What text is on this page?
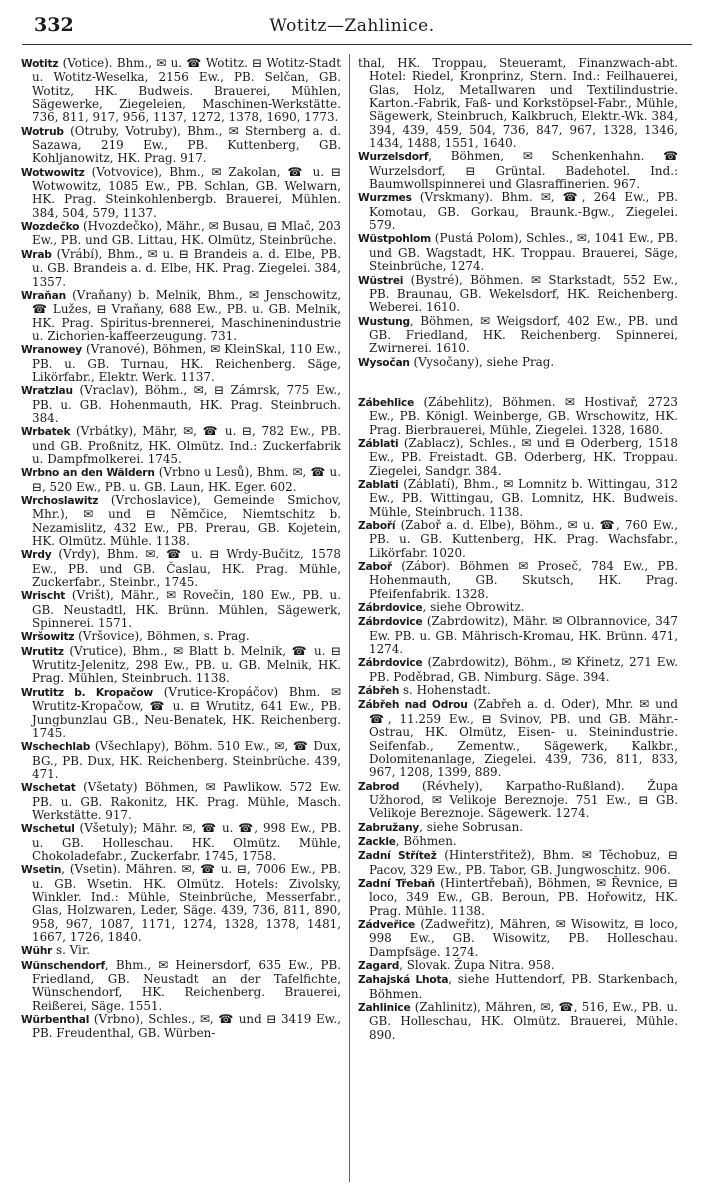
332	Wotitz—Zahlinice.

Wotitz (Votice). Bhm., ✉ u. ☎ Wotitz. ⊟ Wotitz-Stadt u. Wotitz-Weselka, 2156 Ew., PB. Selčan, GB. Wotitz, HK. Budweis. Brauerei, Mühlen, Sägewerke, Ziegeleien, Maschinen-Werkstätte. 736, 811, 917, 956, 1137, 1272, 1378, 1690, 1773.

Wotrub (Otruby, Votruby), Bhm., ✉ Sternberg a. d. Sazawa, 219 Ew., PB. Kuttenberg, GB. Kohljanowitz, HK. Prag. 917.

Wotwowitz (Votvovice), Bhm., ✉ Zakolan, ☎ u. ⊟ Wotwowitz, 1085 Ew., PB. Schlan, GB. Welwarn, HK. Prag. Steinkohlenbergb. Brauerei, Mühlen. 384, 504, 579, 1137.

Wozdečko (Hvozdečko), Mähr., ✉ Busau, ⊟ Mlač, 203 Ew., PB. und GB. Littau, HK. Olmütz, Steinbrüche.

Wrab (Vrábí), Bhm., ✉ u. ⊟ Brandeis a. d. Elbe, PB. u. GB. Brandeis a. d. Elbe, HK. Prag. Ziegelei. 384, 1357.

Wraňan (Vraňany) b. Melnik, Bhm., ✉ Jenschowitz, ☎ Lužes, ⊟ Vraňany, 688 Ew., PB. u. GB. Melnik, HK. Prag. Spiritus-brennerei, Maschinenindustrie u. Zichorien-kaffeerzeugung. 731.

Wranowey (Vranové), Böhmen, ✉ KleinSkal, 110 Ew., PB. u. GB. Turnau, HK. Reichenberg. Säge, Likörfabr., Elektr. Werk. 1137.

Wratzlau (Vraclav), Böhm., ✉, ⊟ Zámrsk, 775 Ew., PB. u. GB. Hohenmauth, HK. Prag. Steinbruch. 384.

Wrbatek (Vrbátky), Mähr, ✉, ☎ u. ⊟, 782 Ew., PB. und GB. Proßnitz, HK. Olmütz. Ind.: Zuckerfabrik u. Dampfmolkerei. 1745.

Wrbno an den Wäldern (Vrbno u Lesů), Bhm. ✉, ☎ u. ⊟, 520 Ew., PB. u. GB. Laun, HK. Eger. 602.

Wrchoslawitz (Vrchoslavice), Gemeinde Smichov, Mhr.), ✉ und ⊟ Němčice, Niemtschitz b. Nezamislitz, 432 Ew., PB. Prerau, GB. Kojetein, HK. Olmütz. Mühle. 1138.

Wrdy (Vrdy), Bhm. ✉. ☎ u. ⊟ Wrdy-Bučitz, 1578 Ew., PB. und GB. Časlau, HK. Prag. Mühle, Zuckerfabr., Steinbr., 1745.

Wrischt (Vrišt), Mähr., ✉ Rovečin, 180 Ew., PB. u. GB. Neustadtl, HK. Brünn. Mühlen, Sägewerk, Spinnerei. 1571.

Wršowitz (Vršovice), Böhmen, s. Prag.

Wrutitz (Vrutice), Bhm., ✉ Blatt b. Melnik, ☎ u. ⊟ Wrutitz-Jelenitz, 298 Ew., PB. u. GB. Melnik, HK. Prag. Mühlen, Steinbruch. 1138.

Wrutitz b. Kropačow (Vrutice-Kropáčov) Bhm. ✉ Wrutitz-Kropačow, ☎ u. ⊟ Wrutitz, 641 Ew., PB. Jungbunzlau GB., Neu-Benatek, HK. Reichenberg. 1745.

Wschechlab (Všechlapy), Böhm. 510 Ew., ✉, ☎ Dux, BG., PB. Dux, HK. Reichenberg. Steinbrüche. 439, 471.

Wschetat (Všetaty) Böhmen, ✉ Pawlikow. 572 Ew. PB. u. GB. Rakonitz, HK. Prag. Mühle, Masch. Werkstätte. 917.

Wschetul (Všetuly); Mähr. ✉, ☎ u. ☎, 998 Ew., PB. u. GB. Holleschau. HK. Olmütz. Mühle, Chokoladefabr., Zuckerfabr. 1745, 1758.

Wsetin, (Vsetin). Mähren. ✉, ☎ u. ⊟, 7006 Ew., PB. u. GB. Wsetin. HK. Olmütz. Hotels: Zivolsky, Winkler. Ind.: Mühle, Steinbrüche, Messerfabr., Glas, Holzwaren, Leder, Säge. 439, 736, 811, 890, 958, 967, 1087, 1171, 1274, 1328, 1378, 1481, 1667, 1726, 1840.

Wühr s. Vir.

Wünschendorf, Bhm., ✉ Heinersdorf, 635 Ew., PB. Friedland, GB. Neustadt an der Tafelfichte, Wünschendorf, HK. Reichenberg. Brauerei, Reißerei, Säge. 1551.

Würbenthal (Vrbno), Schles., ✉, ☎ und ⊟ 3419 Ew., PB. Freudenthal, GB. Würben-

thal, HK. Troppau, Steueramt, Finanzwach-abt. Hotel: Riedel, Kronprinz, Stern. Ind.: Feilhauerei, Glas, Holz, Metallwaren und Textilindustrie. Karton.-Fabrik, Faß- und Korkstöpsel-Fabr., Mühle, Sägewerk, Steinbruch, Kalkbruch, Elektr.-Wk. 384, 394, 439, 459, 504, 736, 847, 967, 1328, 1346, 1434, 1488, 1551, 1640.

Wurzelsdorf, Böhmen, ✉ Schenkenhahn. ☎ Wurzelsdorf, ⊟ Grüntal. Badehotel. Ind.: Baumwollspinnerei und Glasraffinerien. 967.

Wurzmes (Vrskmany). Bhm. ✉, ☎, 264 Ew., PB. Komotau, GB. Gorkau, Braunk.-Bgw., Ziegelei. 579.

Wüstpohlom (Pustá Polom), Schles., ✉, 1041 Ew., PB. und GB. Wagstadt, HK. Troppau. Brauerei, Säge, Steinbrüche, 1274.

Wüstrei (Bystré), Böhmen. ✉ Starkstadt, 552 Ew., PB. Braunau, GB. Wekelsdorf, HK. Reichenberg. Weberei. 1610.

Wustung, Böhmen, ✉ Weigsdorf, 402 Ew., PB. und GB. Friedland, HK. Reichenberg. Spinnerei, Zwirnerei. 1610.

Wysočan (Vysočany), siehe Prag.

Zábehlice (Zábehlitz), Böhmen. ✉ Hostivař, 2723 Ew., PB. Königl. Weinberge, GB. Wrschowitz, HK. Prag. Bierbrauerei, Mühle, Ziegelei. 1328, 1680.

Záblati (Zablacz), Schles., ✉ und ⊟ Oderberg, 1518 Ew., PB. Freistadt. GB. Oderberg, HK. Troppau. Ziegelei, Sandgr. 384.

Zablati (Záblatí), Bhm., ✉ Lomnitz b. Wittingau, 312 Ew., PB. Wittingau, GB. Lomnitz, HK. Budweis. Mühle, Steinbruch. 1138.

Zaboří (Zaboř a. d. Elbe), Böhm., ✉ u. ☎, 760 Ew., PB. u. GB. Kuttenberg, HK. Prag. Wachsfabr., Likörfabr. 1020.

Zaboř (Zábor). Böhmen ✉ Proseč, 784 Ew., PB. Hohenmauth, GB. Skutsch, HK. Prag. Pfeifenfabrik. 1328.

Zábrdovice, siehe Obrowitz.

Zábrdovice (Zabrdowitz), Mähr. ✉ Olbrannovice, 347 Ew. PB. u. GB. Mährisch-Kromau, HK. Brünn. 471, 1274.

Zábrdovice (Zabrdowitz), Böhm., ✉ Křinetz, 271 Ew. PB. Poděbrad, GB. Nimburg. Säge. 394.

Zábřeh s. Hohenstadt.

Zábřeh nad Odrou (Zabřeh a. d. Oder), Mhr. ✉ und ☎, 11.259 Ew., ⊟ Svinov, PB. und GB. Mähr.-Ostrau, HK. Olmütz, Eisen- u. Steinindustrie. Seifenfab., Zementw., Sägewerk, Kalkbr., Dolomitenanlage, Ziegelei. 439, 736, 811, 833, 967, 1208, 1399, 889.

Zabrod (Révhely), Karpatho-Rußland). Župa Užhorod, ✉ Velikoje Bereznoje. 751 Ew., ⊟ GB. Velikoje Bereznoje. Sägewerk. 1274.

Zabružany, siehe Sobrusan.

Zackle, Böhmen.

Zadní Střítež (Hinterstřitež), Bhm. ✉ Těchobuz, ⊟ Pacov, 329 Ew., PB. Tabor, GB. Jungwoschitz. 906.

Zadní Třebaň (Hintertřebaň), Böhmen, ✉ Řevnice, ⊟ loco, 349 Ew., GB. Beroun, PB. Hořowitz, HK. Prag. Mühle. 1138.

Zádveřice (Zadweřitz), Mähren, ✉ Wisowitz, ⊟ loco, 998 Ew., GB. Wisowitz, PB. Holleschau. Dampfsäge. 1274.

Zagard, Slovak. Župa Nitra. 958.

Zahajská Lhota, siehe Huttendorf, PB. Starkenbach, Böhmen.

Zahlinice (Zahlinitz), Mähren, ✉, ☎, 516, Ew., PB. u. GB. Holleschau, HK. Olmütz. Brauerei, Mühle. 890.
